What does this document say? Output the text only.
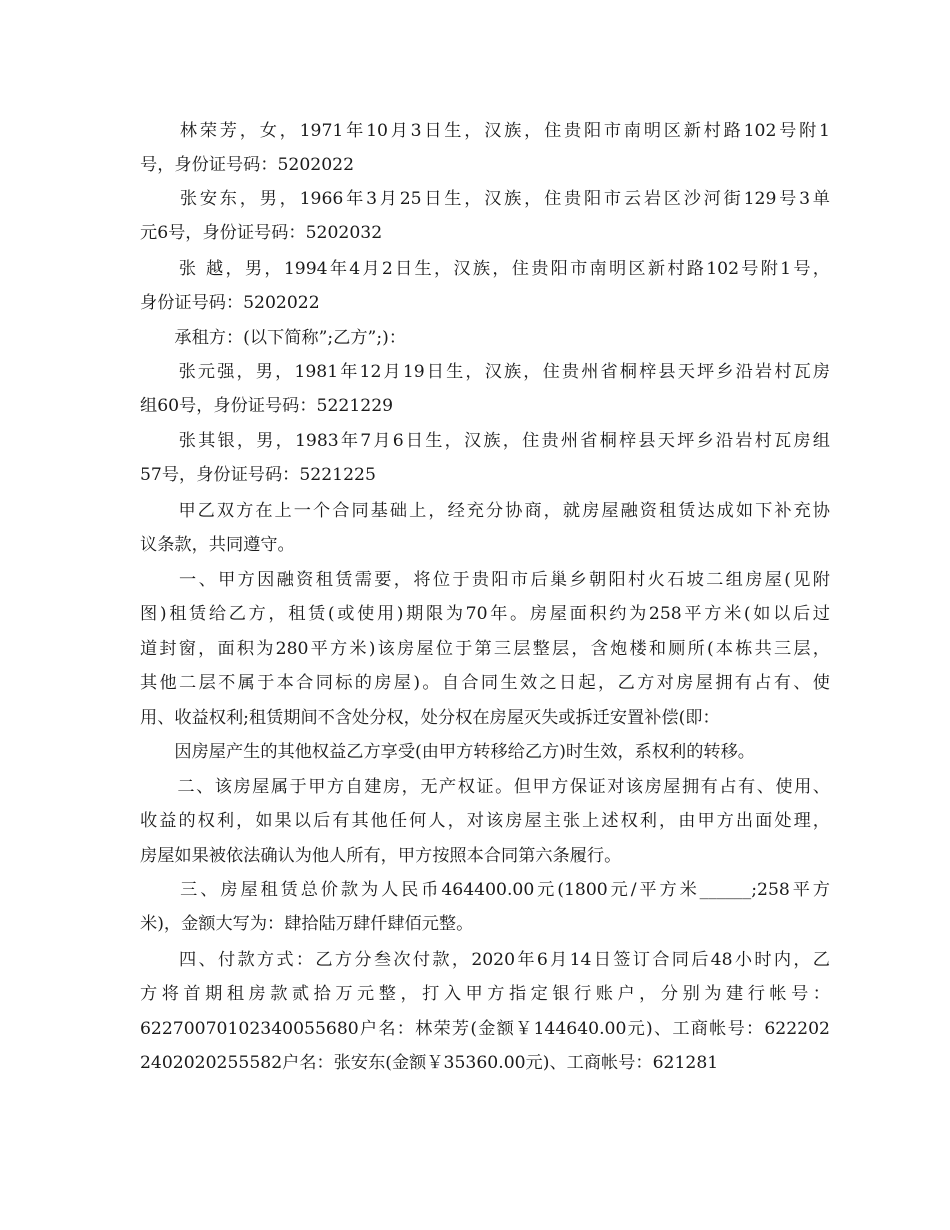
　　林荣芳，女，1971年10月3日生，汉族，住贵阳市南明区新村路102号附1
号，身份证号码：5202022
　　张安东，男，1966年3月25日生，汉族，住贵阳市云岩区沙河街129号3单
元6号，身份证号码：5202032
　　张 越，男，1994年4月2日生，汉族，住贵阳市南明区新村路102号附1号，
身份证号码：5202022
　　承租方：(以下简称”;乙方”;)：
　　张元强，男，1981年12月19日生，汉族，住贵州省桐梓县天坪乡沿岩村瓦房
组60号，身份证号码：5221229
　　张其银，男，1983年7月6日生，汉族，住贵州省桐梓县天坪乡沿岩村瓦房组
57号，身份证号码：5221225
　　甲乙双方在上一个合同基础上，经充分协商，就房屋融资租赁达成如下补充协
议条款，共同遵守。
　　一、甲方因融资租赁需要，将位于贵阳市后巢乡朝阳村火石坡二组房屋(见附
图)租赁给乙方，租赁(或使用)期限为70年。房屋面积约为258平方米(如以后过
道封窗，面积为280平方米)该房屋位于第三层整层，含炮楼和厕所(本栋共三层，
其他二层不属于本合同标的房屋)。自合同生效之日起，乙方对房屋拥有占有、使
用、收益权利;租赁期间不含处分权，处分权在房屋灭失或拆迁安置补偿(即：
　　因房屋产生的其他权益乙方享受(由甲方转移给乙方)时生效，系权利的转移。
　　二、该房屋属于甲方自建房，无产权证。但甲方保证对该房屋拥有占有、使用、
收益的权利，如果以后有其他任何人，对该房屋主张上述权利，由甲方出面处理，
房屋如果被依法确认为他人所有，甲方按照本合同第六条履行。
　　三、房屋租赁总价款为人民币464400.00元(1800元/平方米______;258平方
米)，金额大写为：肆拾陆万肆仟肆佰元整。
　　四、付款方式：乙方分叁次付款，2020年6月14日签订合同后48小时内，乙
方将首期租房款贰拾万元整，打入甲方指定银行账户，分别为建行帐号：
62270070102340055680户名：林荣芳(金额￥144640.00元)、工商帐号：622202
2402020255582户名：张安东(金额￥35360.00元)、工商帐号：621281
